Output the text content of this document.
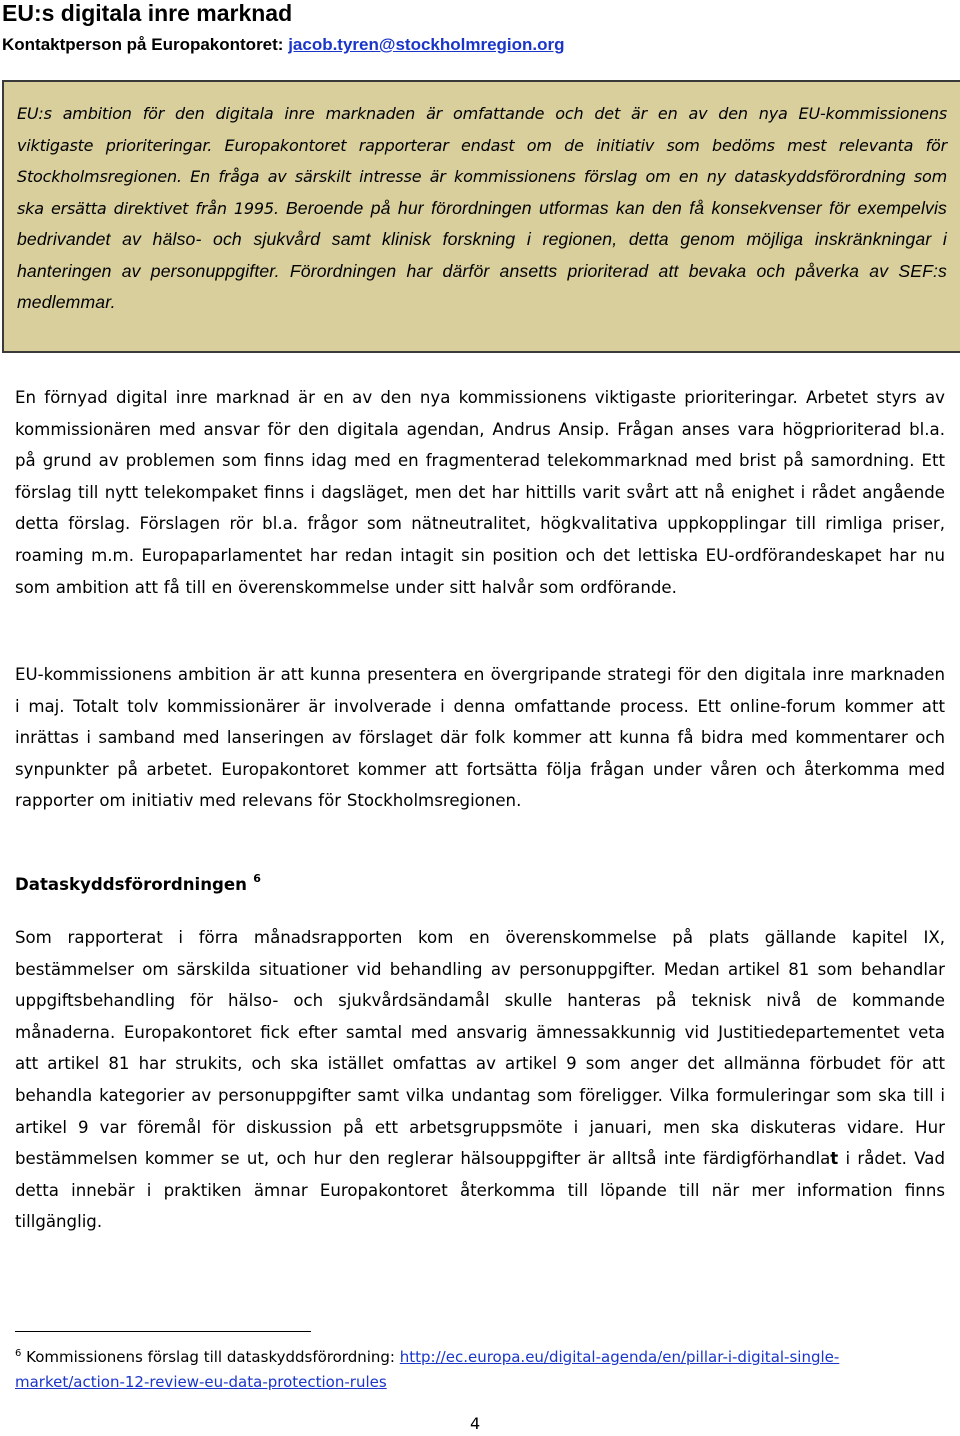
EU:s digitala inre marknad
Kontaktperson på Europakontoret: jacob.tyren@stockholmregion.org

EU:s ambition för den digitala inre marknaden är omfattande och det är en av den nya EU-kommissionens viktigaste prioriteringar. Europakontoret rapporterar endast om de initiativ som bedöms mest relevanta för Stockholmsregionen. En fråga av särskilt intresse är kommissionens förslag om en ny dataskyddsförordning som ska ersätta direktivet från 1995. Beroende på hur förordningen utformas kan den få konsekvenser för exempelvis bedrivandet av hälso- och sjukvård samt klinisk forskning i regionen, detta genom möjliga inskränkningar i hanteringen av personuppgifter. Förordningen har därför ansetts prioriterad att bevaka och påverka av SEF:s medlemmar.

En förnyad digital inre marknad är en av den nya kommissionens viktigaste prioriteringar. Arbetet styrs av kommissionären med ansvar för den digitala agendan, Andrus Ansip. Frågan anses vara högprioriterad bl.a. på grund av problemen som finns idag med en fragmenterad telekommarknad med brist på samordning. Ett förslag till nytt telekompaket finns i dagsläget, men det har hittills varit svårt att nå enighet i rådet angående detta förslag. Förslagen rör bl.a. frågor som nätneutralitet, högkvalitativa uppkopplingar till rimliga priser, roaming m.m. Europaparlamentet har redan intagit sin position och det lettiska EU-ordförandeskapet har nu som ambition att få till en överenskommelse under sitt halvår som ordförande.

EU-kommissionens ambition är att kunna presentera en övergripande strategi för den digitala inre marknaden i maj. Totalt tolv kommissionärer är involverade i denna omfattande process. Ett online-forum kommer att inrättas i samband med lanseringen av förslaget där folk kommer att kunna få bidra med kommentarer och synpunkter på arbetet. Europakontoret kommer att fortsätta följa frågan under våren och återkomma med rapporter om initiativ med relevans för Stockholmsregionen.

Dataskyddsförordningen $^6$

Som rapporterat i förra månadsrapporten kom en överenskommelse på plats gällande kapitel IX, bestämmelser om särskilda situationer vid behandling av personuppgifter. Medan artikel 81 som behandlar uppgiftsbehandling för hälso- och sjukvårdsändamål skulle hanteras på teknisk nivå de kommande månaderna. Europakontoret fick efter samtal med ansvarig ämnessakkunnig vid Justitiedepartementet veta att artikel 81 har strukits, och ska istället omfattas av artikel 9 som anger det allmänna förbudet för att behandla kategorier av personuppgifter samt vilka undantag som föreligger. Vilka formuleringar som ska till i artikel 9 var föremål för diskussion på ett arbetsgruppsmöte i januari, men ska diskuteras vidare. Hur bestämmelsen kommer se ut, och hur den reglerar hälsouppgifter är alltså inte färdigförhandlat i rådet. Vad detta innebär i praktiken ämnar Europakontoret återkomma till löpande till när mer information finns tillgänglig.

$^6$ Kommissionens förslag till dataskyddsförordning: http://ec.europa.eu/digital-agenda/en/pillar-i-digital-single-market/action-12-review-eu-data-protection-rules

4
